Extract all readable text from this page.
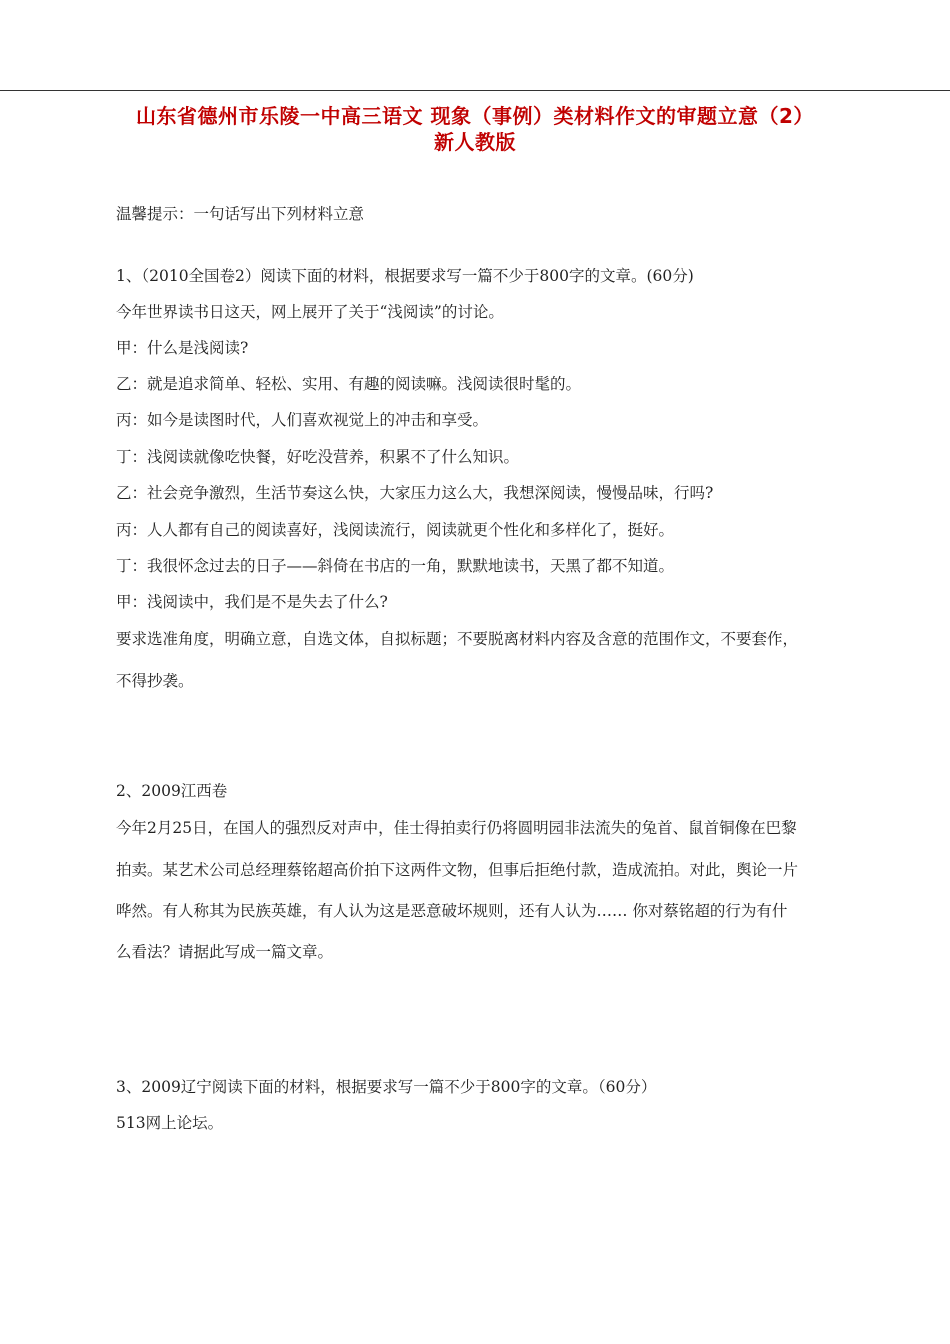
山东省德州市乐陵一中高三语文 现象（事例）类材料作文的审题立意（2）
新人教版
温馨提示：一句话写出下列材料立意
1、（2010全国卷2）阅读下面的材料，根据要求写一篇不少于800字的文章。(60分)
今年世界读书日这天，网上展开了关于“浅阅读”的讨论。
甲：什么是浅阅读?
乙：就是追求简单、轻松、实用、有趣的阅读嘛。浅阅读很时髦的。
丙：如今是读图时代，人们喜欢视觉上的冲击和享受。
丁：浅阅读就像吃快餐，好吃没营养，积累不了什么知识。
乙：社会竞争激烈，生活节奏这么快，大家压力这么大，我想深阅读，慢慢品味，行吗?
丙：人人都有自己的阅读喜好，浅阅读流行，阅读就更个性化和多样化了，挺好。
丁：我很怀念过去的日子——斜倚在书店的一角，默默地读书，天黑了都不知道。
甲：浅阅读中，我们是不是失去了什么?
要求选准角度，明确立意，自选文体，自拟标题；不要脱离材料内容及含意的范围作文，不要套作，
不得抄袭。
2、2009江西卷
今年2月25日，在国人的强烈反对声中，佳士得拍卖行仍将圆明园非法流失的兔首、鼠首铜像在巴黎
拍卖。某艺术公司总经理蔡铭超高价拍下这两件文物，但事后拒绝付款，造成流拍。对此，舆论一片
哗然。有人称其为民族英雄，有人认为这是恶意破坏规则，还有人认为…… 你对蔡铭超的行为有什
么看法？请据此写成一篇文章。
3、2009辽宁阅读下面的材料，根据要求写一篇不少于800字的文章。（60分）
513网上论坛。
